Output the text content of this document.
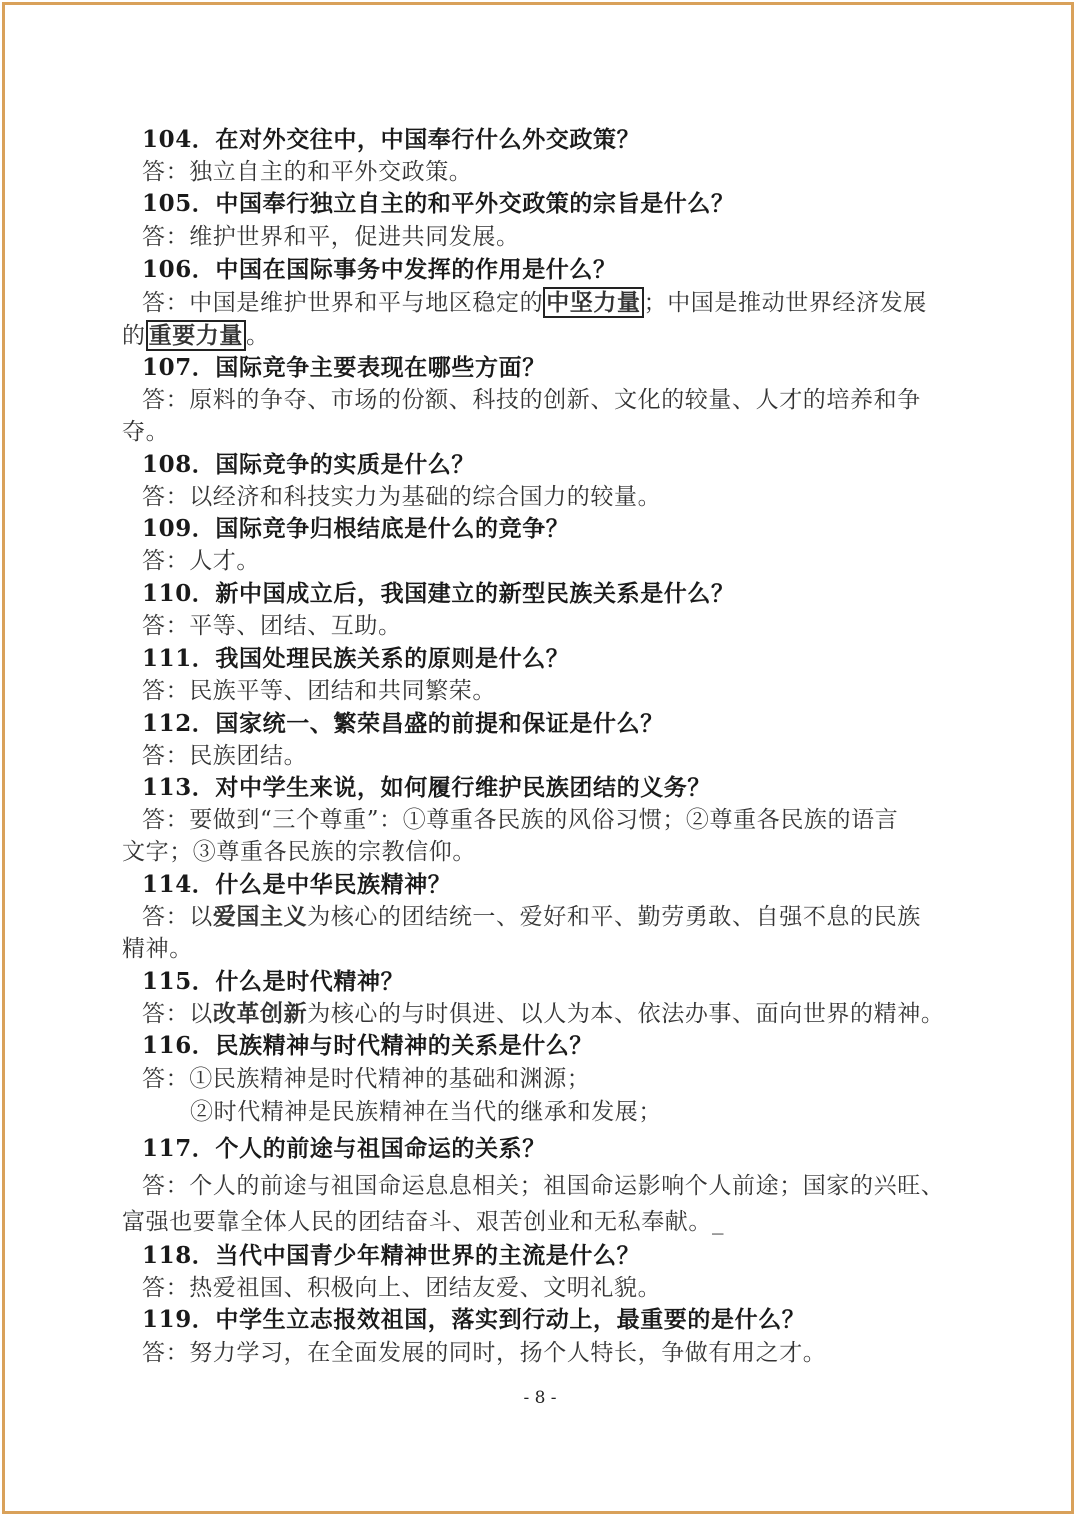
104．在对外交往中，中国奉行什么外交政策？
答：独立自主的和平外交政策。
105．中国奉行独立自主的和平外交政策的宗旨是什么？
答：维护世界和平，促进共同发展。
106．中国在国际事务中发挥的作用是什么？
答：中国是维护世界和平与地区稳定的 中坚力量 ；中国是推动世界经济发展
的 重要力量 。
107．国际竞争主要表现在哪些方面？
答：原料的争夺、市场的份额、科技的创新、文化的较量、人才的培养和争
夺。
108．国际竞争的实质是什么？
答：以经济和科技实力为基础的综合国力的较量。
109．国际竞争归根结底是什么的竞争？
答：人才。
110．新中国成立后，我国建立的新型民族关系是什么？
答：平等、团结、互助。
111．我国处理民族关系的原则是什么？
答：民族平等、团结和共同繁荣。
112．国家统一、繁荣昌盛的前提和保证是什么？
答：民族团结。
113．对中学生来说，如何履行维护民族团结的义务？
答：要做到“三个尊重”：①尊重各民族的风俗习惯；②尊重各民族的语言
文字；③尊重各民族的宗教信仰。
114．什么是中华民族精神？
答：以爱国主义为核心的团结统一、爱好和平、勤劳勇敢、自强不息的民族
精神。
115．什么是时代精神？
答：以改革创新为核心的与时俱进、以人为本、依法办事、面向世界的精神。
116．民族精神与时代精神的关系是什么？
答：①民族精神是时代精神的基础和渊源；
②时代精神是民族精神在当代的继承和发展；
117．个人的前途与祖国命运的关系？
答：个人的前途与祖国命运息息相关；祖国命运影响个人前途；国家的兴旺、
富强也要靠全体人民的团结奋斗、艰苦创业和无私奉献。_
118．当代中国青少年精神世界的主流是什么？
答：热爱祖国、积极向上、团结友爱、文明礼貌。
119．中学生立志报效祖国，落实到行动上，最重要的是什么？
答：努力学习，在全面发展的同时，扬个人特长，争做有用之才。
- 8 -
